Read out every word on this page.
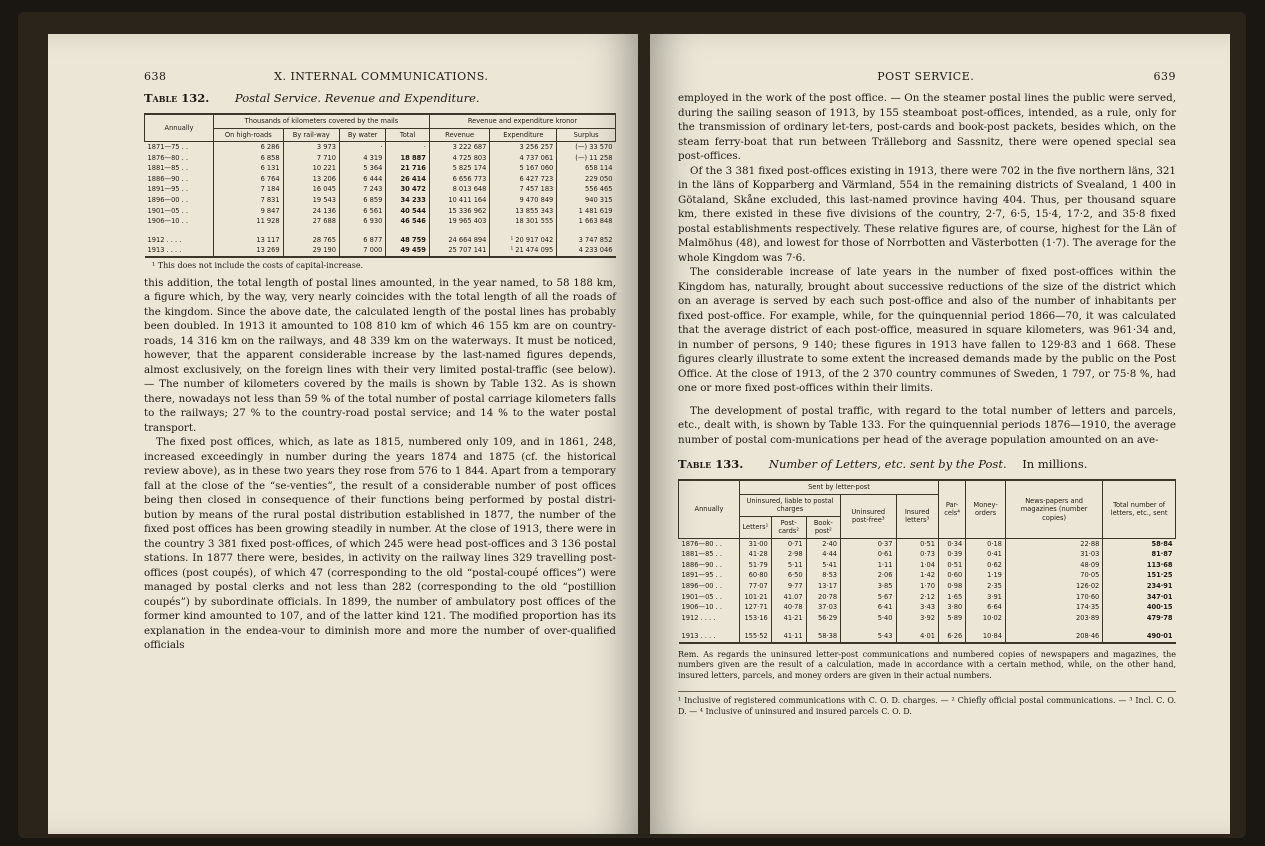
638	X. INTERNAL COMMUNICATIONS.
Table 132. Postal Service. Revenue and Expenditure.
Annually	Thousands of kilometers covered by the mails				Revenue and expenditure kronor		
	On high-roads	By rail-way	By water	Total	Revenue	Expenditure	Surplus
1871—75 . .	6 286	3 973	·	·	3 222 687	3 256 257	(—) 33 570
1876—80 . .	6 858	7 710	4 319	18 887	4 725 803	4 737 061	(—) 11 258
1881—85 . .	6 131	10 221	5 364	21 716	5 825 174	5 167 060	658 114
1886—90 . .	6 764	13 206	6 444	26 414	6 656 773	6 427 723	229 050
1891—95 . .	7 184	16 045	7 243	30 472	8 013 648	7 457 183	556 465
1896—00 . .	7 831	19 543	6 859	34 233	10 411 164	9 470 849	940 315
1901—05 . .	9 847	24 136	6 561	40 544	15 336 962	13 855 343	1 481 619
1906—10 . .	11 928	27 688	6 930	46 546	19 965 403	18 301 555	1 663 848

1912 . . . .	13 117	28 765	6 877	48 759	24 664 894	¹ 20 917 042	3 747 852
1913 . . . .	13 269	29 190	7 000	49 459	25 707 141	¹ 21 474 095	4 233 046
¹ This does not include the costs of capital-increase.

this addition, the total length of postal lines amounted, in the year named, to 58 188 km, a figure which, by the way, very nearly coincides with the total length of all the roads of the kingdom. Since the above date, the calculated length of the postal lines has probably been doubled. In 1913 it amounted to 108 810 km of which 46 155 km are on country-roads, 14 316 km on the railways, and 48 339 km on the waterways. It must be noticed, however, that the apparent considerable increase by the last-named figures depends, almost exclusively, on the foreign lines with their very limited postal-traffic (see below). — The number of kilometers covered by the mails is shown by Table 132. As is shown there, nowadays not less than 59 % of the total number of postal carriage kilometers falls to the railways; 27 % to the country-road postal service; and 14 % to the water postal transport.

The fixed post offices, which, as late as 1815, numbered only 109, and in 1861, 248, increased exceedingly in number during the years 1874 and 1875 (cf. the historical review above), as in these two years they rose from 576 to 1 844. Apart from a temporary fall at the close of the “se-venties”, the result of a considerable number of post offices being then closed in consequence of their functions being performed by postal distri-bution by means of the rural postal distribution established in 1877, the number of the fixed post offices has been growing steadily in number. At the close of 1913, there were in the country 3 381 fixed post-offices, of which 245 were head post-offices and 3 136 postal stations. In 1877 there were, besides, in activity on the railway lines 329 travelling post-offices (post coupés), of which 47 (corresponding to the old “postal-coupé offices”) were managed by postal clerks and not less than 282 (corresponding to the old “postillion coupés”) by subordinate officials. In 1899, the number of ambulatory post offices of the former kind amounted to 107, and of the latter kind 121. The modified proportion has its explanation in the endea-vour to diminish more and more the number of over-qualified officials

POST SERVICE.	639

employed in the work of the post office. — On the steamer postal lines the public were served, during the sailing season of 1913, by 155 steamboat post-offices, intended, as a rule, only for the transmission of ordinary let-ters, post-cards and book-post packets, besides which, on the steam ferry-boat that run between Trälleborg and Sassnitz, there were opened special sea post-offices.

Of the 3 381 fixed post-offices existing in 1913, there were 702 in the five northern läns, 321 in the läns of Kopparberg and Värmland, 554 in the remaining districts of Svealand, 1 400 in Götaland, Skåne excluded, this last-named province having 404. Thus, per thousand square km, there existed in these five divisions of the country, 2·7, 6·5, 15·4, 17·2, and 35·8 fixed postal establishments respectively. These relative figures are, of course, highest for the Län of Malmöhus (48), and lowest for those of Norrbotten and Västerbotten (1·7). The average for the whole Kingdom was 7·6.

The considerable increase of late years in the number of fixed post-offices within the Kingdom has, naturally, brought about successive reductions of the size of the district which on an average is served by each such post-office and also of the number of inhabitants per fixed post-office. For example, while, for the quinquennial period 1866—70, it was calculated that the average district of each post-office, measured in square kilometers, was 961·34 and, in number of persons, 9 140; these figures in 1913 have fallen to 129·83 and 1 668. These figures clearly illustrate to some extent the increased demands made by the public on the Post Office. At the close of 1913, of the 2 370 country communes of Sweden, 1 797, or 75·8 %, had one or more fixed post-offices within their limits.

The development of postal traffic, with regard to the total number of letters and parcels, etc., dealt with, is shown by Table 133. For the quinquennial periods 1876—1910, the average number of postal com-munications per head of the average population amounted on an ave-

Table 133. Number of Letters, etc. sent by the Post. In millions.
Annually	Sent by letter-post					Par-cels⁴	Money-orders	News-papers and magazines (number copies)	Total number of letters, etc., sent
	Uninsured, liable to postal charges			Uninsured post-free³	Insured letters³				
	Letters¹	Post-cards²	Book-post²						
1876—80 . .	31·00	0·71	2·40	0·37	0·51	0·34	0·18	22·88	58·84
1881—85 . .	41·28	2·98	4·44	0·61	0·73	0·39	0·41	31·03	81·87
1886—90 . .	51·79	5·11	5·41	1·11	1·04	0·51	0·62	48·09	113·68
1891—95 . .	60·80	6·50	8·53	2·06	1·42	0·60	1·19	70·05	151·25
1896—00 . .	77·07	9·77	13·17	3·85	1·70	0·98	2·35	126·02	234·91
1901—05 . .	101·21	41.07	20·78	5·67	2·12	1·65	3·91	170·60	347·01
1906—10 . .	127·71	40·78	37·03	6·41	3·43	3·80	6·64	174·35	400·15
1912 . . . .	153·16	41·21	56·29	5·40	3·92	5·89	10·02	203·89	479·78

1913 . . . .	155·52	41·11	58·38	5·43	4·01	6·26	10·84	208·46	490·01
Rem. As regards the uninsured letter-post communications and numbered copies of newspapers and magazines, the numbers given are the result of a calculation, made in accordance with a certain method, while, on the other hand, insured letters, parcels, and money orders are given in their actual numbers.
¹ Inclusive of registered communications with C. O. D. charges. — ² Chiefly official postal communications. — ³ Incl. C. O. D. — ⁴ Inclusive of uninsured and insured parcels C. O. D.
